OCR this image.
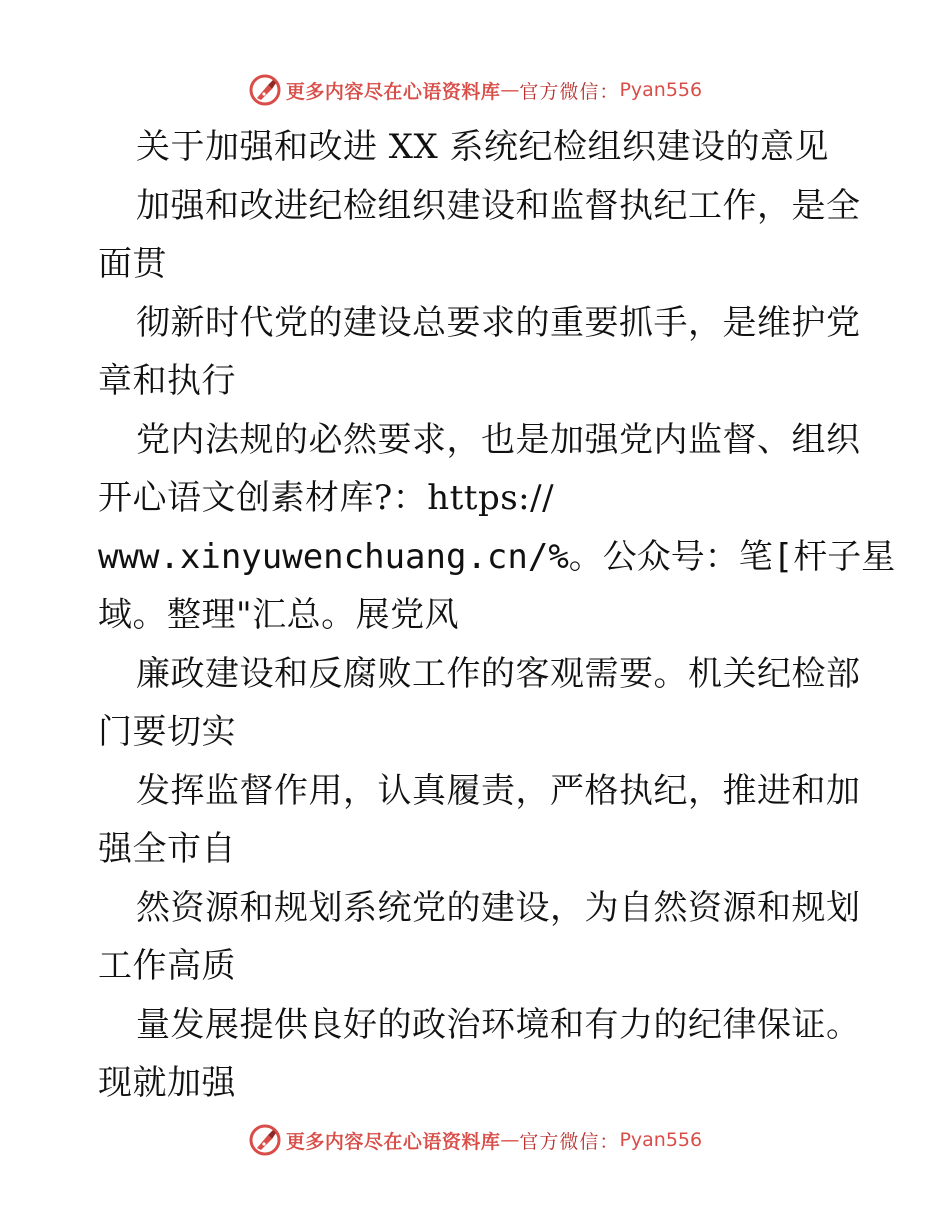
更多内容尽在心语资料库 — 官方微信： Pyan556
关于加强和改进 XX 系统纪检组织建设的意见
加强和改进纪检组织建设和监督执纪工作，是全
面贯
彻新时代党的建设总要求的重要抓手，是维护党
章和执行
党内法规的必然要求，也是加强党内监督、组织
开心语文创素材库?：https://
www.xinyuwenchuang.cn/%。公众号：笔[杆子星
域。整理"汇总。展党风
廉政建设和反腐败工作的客观需要。机关纪检部
门要切实
发挥监督作用，认真履责，严格执纪，推进和加
强全市自
然资源和规划系统党的建设，为自然资源和规划
工作高质
量发展提供良好的政治环境和有力的纪律保证。
现就加强
更多内容尽在心语资料库 — 官方微信： Pyan556
